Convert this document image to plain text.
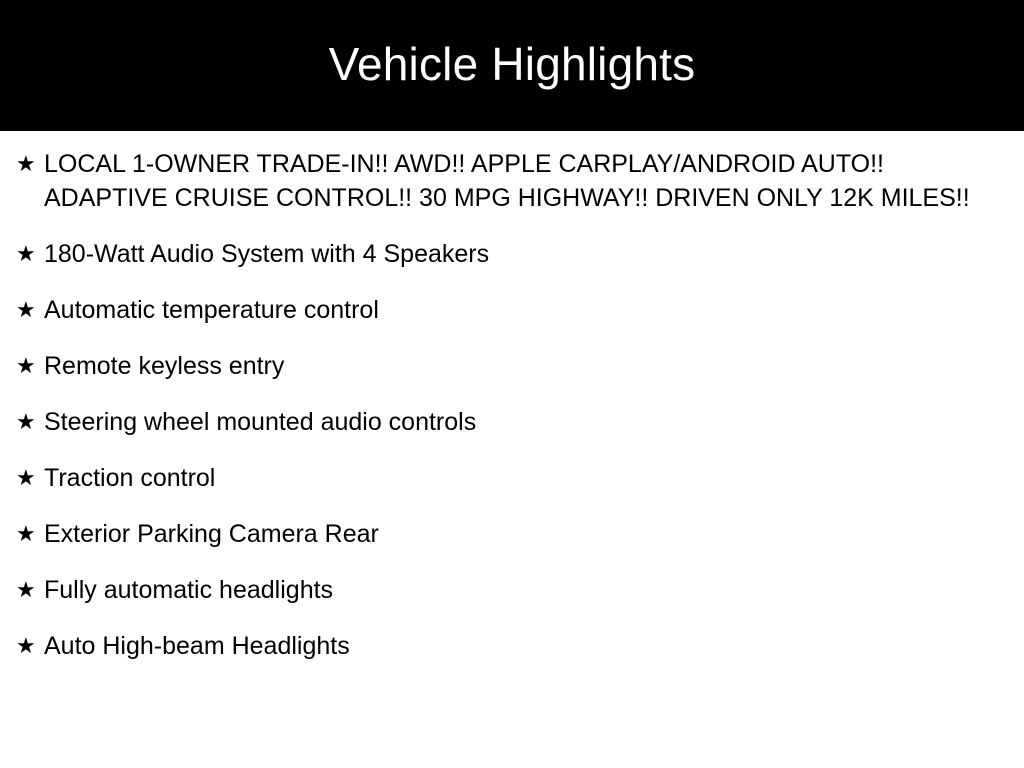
Vehicle Highlights
★ LOCAL 1-OWNER TRADE-IN!! AWD!! APPLE CARPLAY/ANDROID AUTO!! ADAPTIVE CRUISE CONTROL!! 30 MPG HIGHWAY!! DRIVEN ONLY 12K MILES!!
★ 180-Watt Audio System with 4 Speakers
★ Automatic temperature control
★ Remote keyless entry
★ Steering wheel mounted audio controls
★ Traction control
★ Exterior Parking Camera Rear
★ Fully automatic headlights
★ Auto High-beam Headlights
